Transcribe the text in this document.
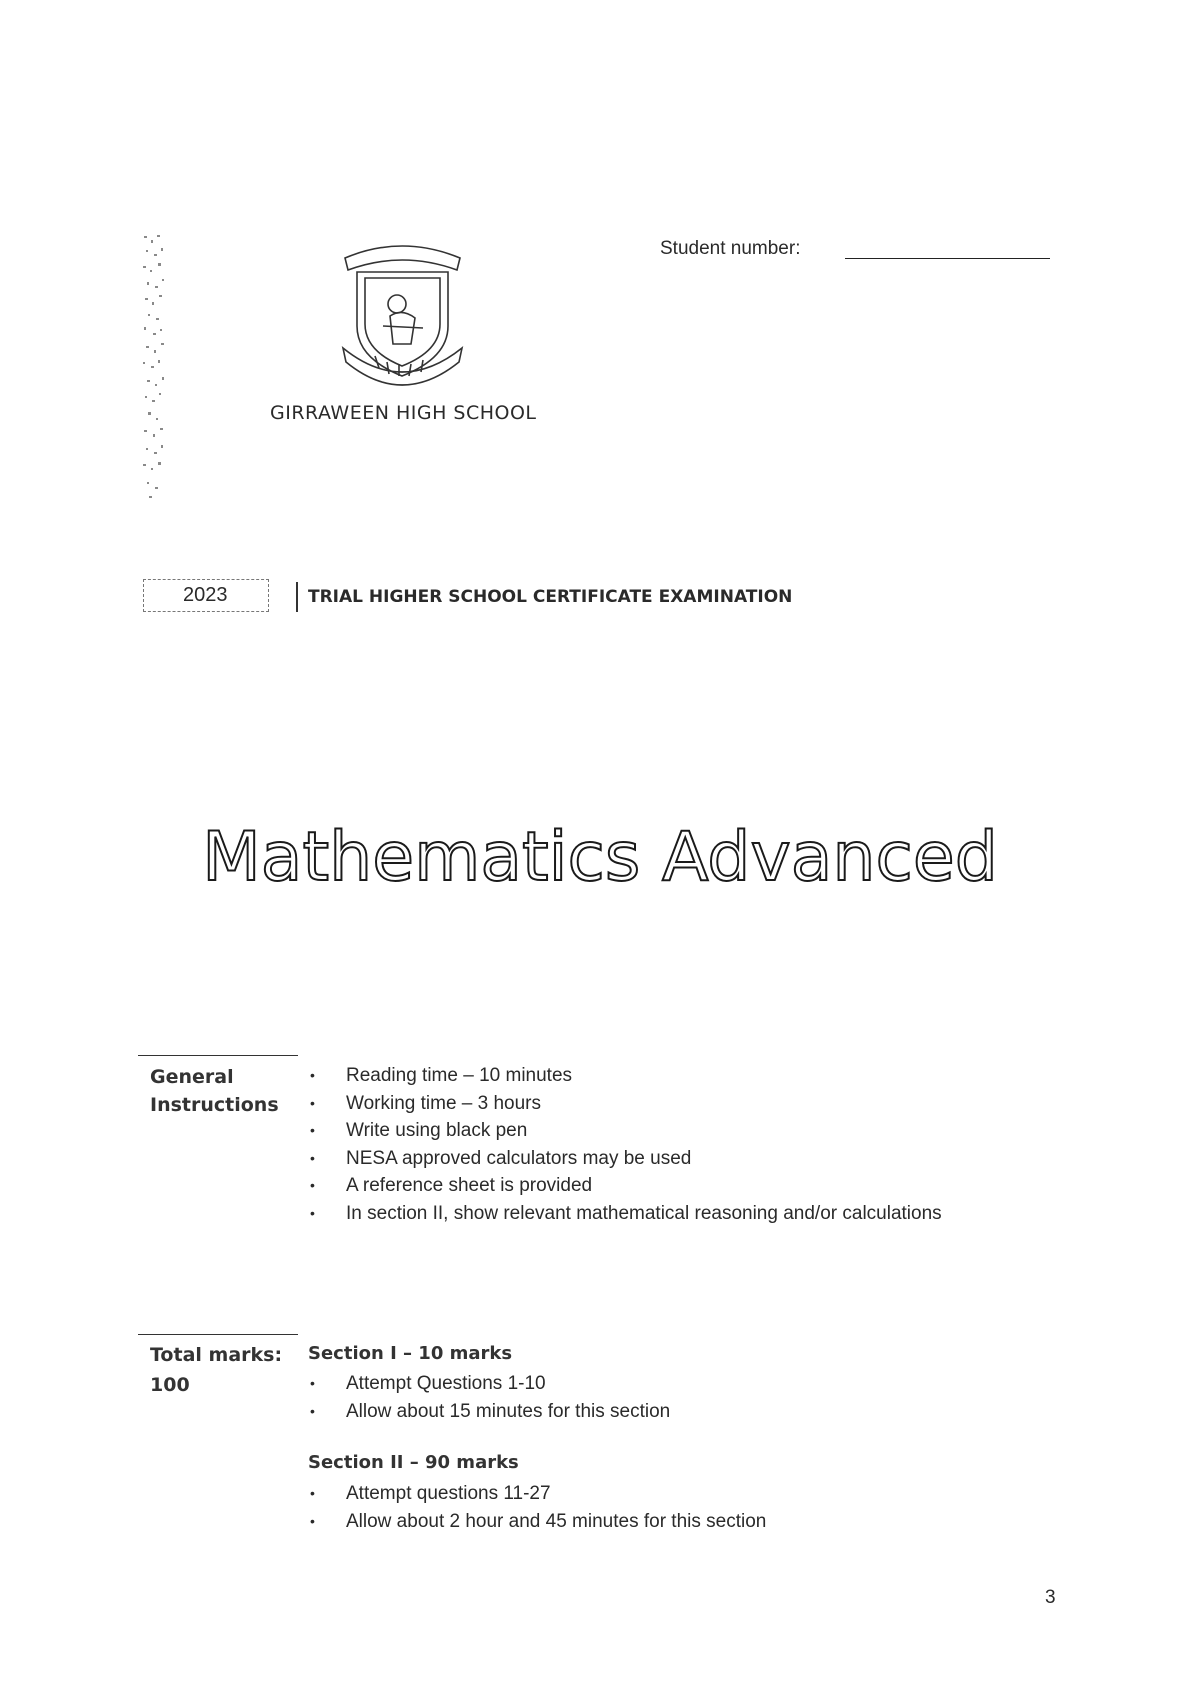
GIRRAWEEN HIGH SCHOOL
Student number:
2023	TRIAL HIGHER SCHOOL CERTIFICATE EXAMINATION
Mathematics Advanced
General
Instructions
• Reading time – 10 minutes
• Working time – 3 hours
• Write using black pen
• NESA approved calculators may be used
• A reference sheet is provided
• In section II, show relevant mathematical reasoning and/or calculations
Total marks:
100
Section I – 10 marks
• Attempt Questions 1-10
• Allow about 15 minutes for this section
Section II – 90 marks
• Attempt questions 11-27
• Allow about 2 hour and 45 minutes for this section
3
